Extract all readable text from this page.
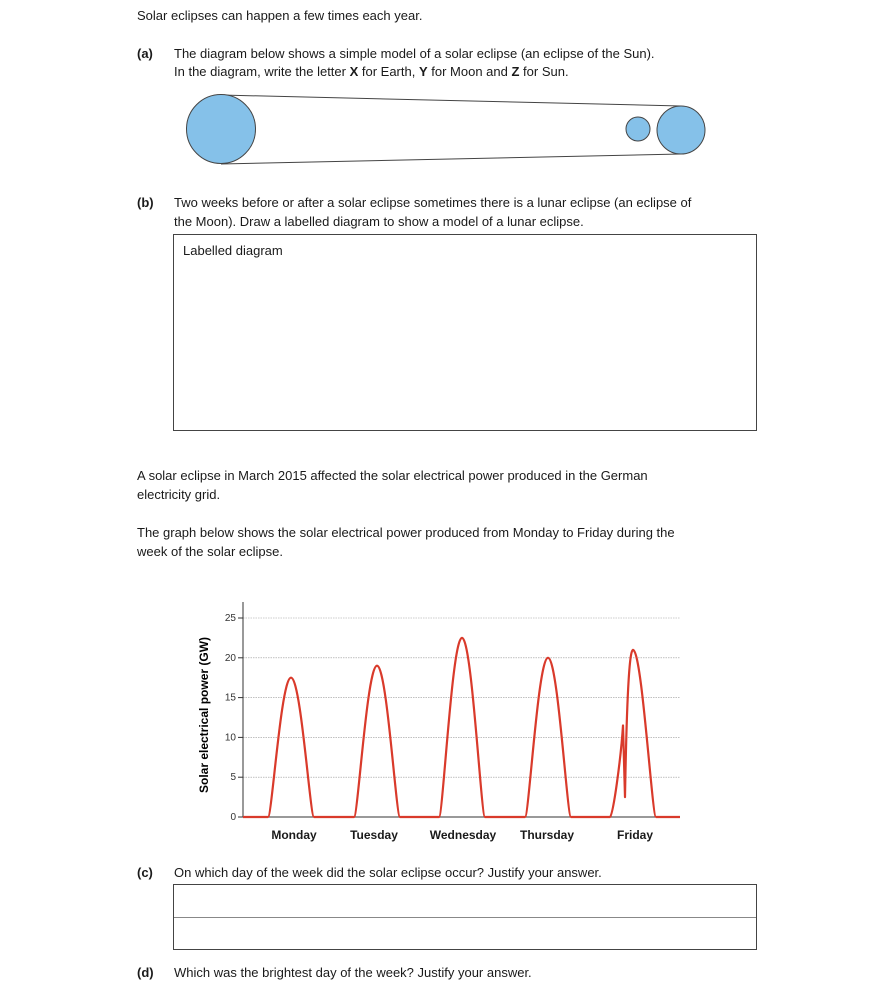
Solar eclipses can happen a few times each year.
(a) The diagram below shows a simple model of a solar eclipse (an eclipse of the Sun).
In the diagram, write the letter X for Earth, Y for Moon and Z for Sun.
(b) Two weeks before or after a solar eclipse sometimes there is a lunar eclipse (an eclipse of
the Moon). Draw a labelled diagram to show a model of a lunar eclipse.
Labelled diagram
A solar eclipse in March 2015 affected the solar electrical power produced in the German
electricity grid.
The graph below shows the solar electrical power produced from Monday to Friday during the
week of the solar eclipse.
0
5
10
15
20
25
Monday	Tuesday	Wednesday Thursday	Friday
Solar electrical power (GW)
(c) On which day of the week did the solar eclipse occur? Justify your answer.
(d) Which was the brightest day of the week? Justify your answer.
